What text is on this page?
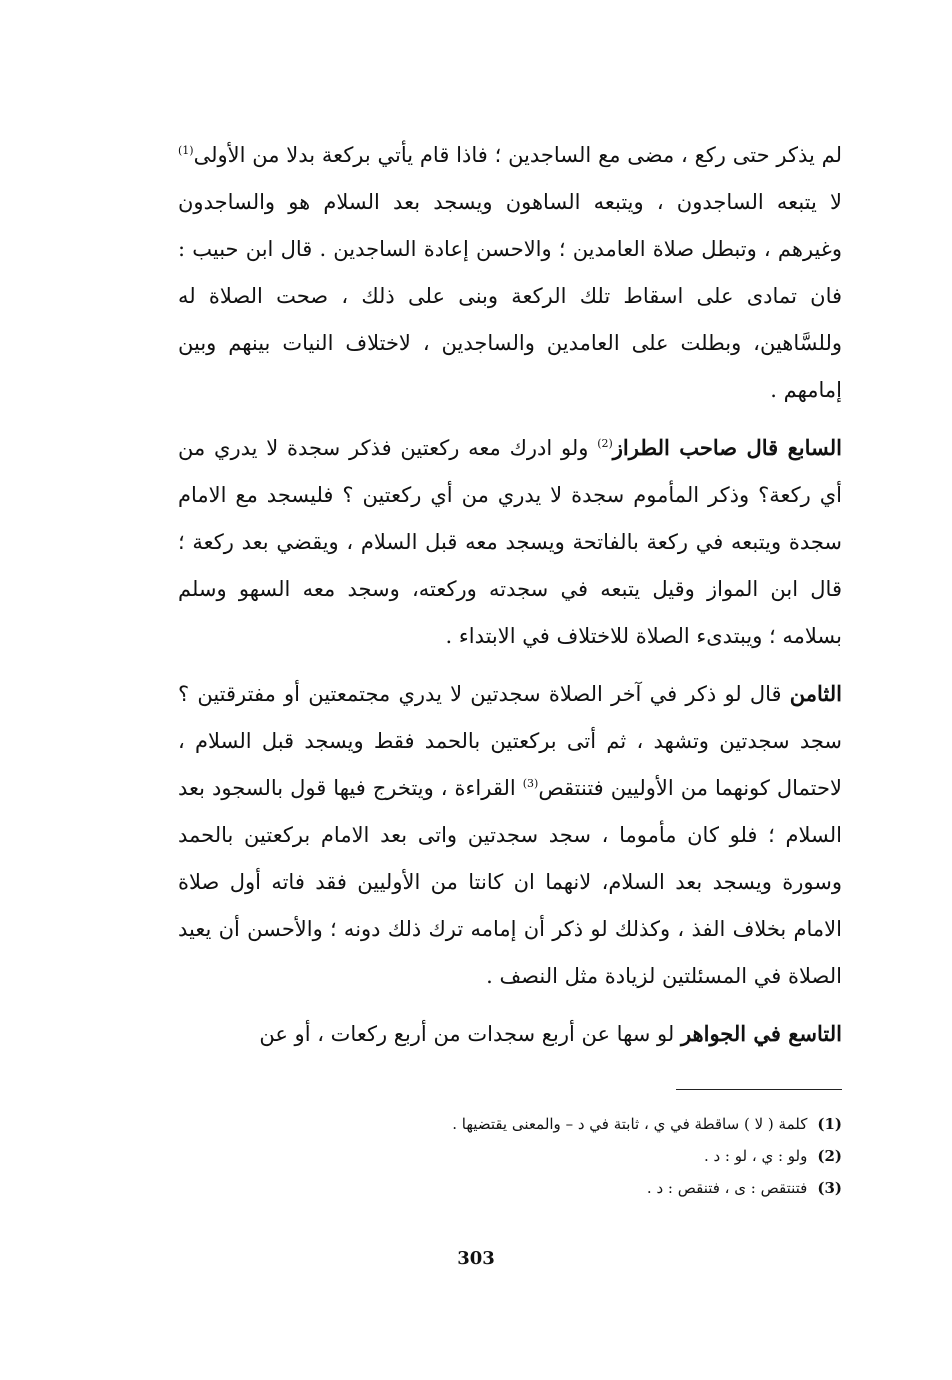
لم يذكر حتى ركع ، مضى مع الساجدين ؛ فاذا قام يأتي بركعة بدلا من الأولى$^{(1)}$ لا يتبعه الساجدون ، ويتبعه الساهون ويسجد بعد السلام هو والساجدون وغيرهم ، وتبطل صلاة العامدين ؛ والاحسن إعادة الساجدين . قال ابن حبيب : فان تمادى على اسقاط تلك الركعة وبنى على ذلك ، صحت الصلاة له وللسَّاهين، وبطلت على العامدين والساجدين ، لاختلاف النيات بينهم وبين إمامهم .

السابع قال صاحب الطراز$^{(2)}$ ولو ادرك معه ركعتين فذكر سجدة لا يدري من أي ركعة؟ وذكر المأموم سجدة لا يدري من أي ركعتين ؟ فليسجد مع الامام سجدة ويتبعه في ركعة بالفاتحة ويسجد معه قبل السلام ، ويقضي بعد ركعة ؛ قال ابن المواز وقيل يتبعه في سجدته وركعته، وسجد معه السهو وسلم بسلامه ؛ ويبتدىء الصلاة للاختلاف في الابتداء .

الثامن قال لو ذكر في آخر الصلاة سجدتين لا يدري مجتمعتين أو مفترقتين ؟ سجد سجدتين وتشهد ، ثم أتى بركعتين بالحمد فقط ويسجد قبل السلام ، لاحتمال كونهما من الأوليين فتنتقص$^{(3)}$ القراءة ، ويتخرج فيها قول بالسجود بعد السلام ؛ فلو كان مأموما ، سجد سجدتين واتى بعد الامام بركعتين بالحمد وسورة ويسجد بعد السلام، لانهما ان كانتا من الأوليين فقد فاته أول صلاة الامام بخلاف الفذ ، وكذلك لو ذكر أن إمامه ترك ذلك دونه ؛ والأحسن أن يعيد الصلاة في المسئلتين لزيادة مثل النصف .

التاسع في الجواهر لو سها عن أربع سجدات من أربع ركعات ، أو عن

(1)كلمة ( لا ) ساقطة في ي ، ثابتة في د – والمعنى يقتضيها .
(2)ولو : ي ، لو : د .
(3)فتنتقص : ى ، فتنقص : د .
303
